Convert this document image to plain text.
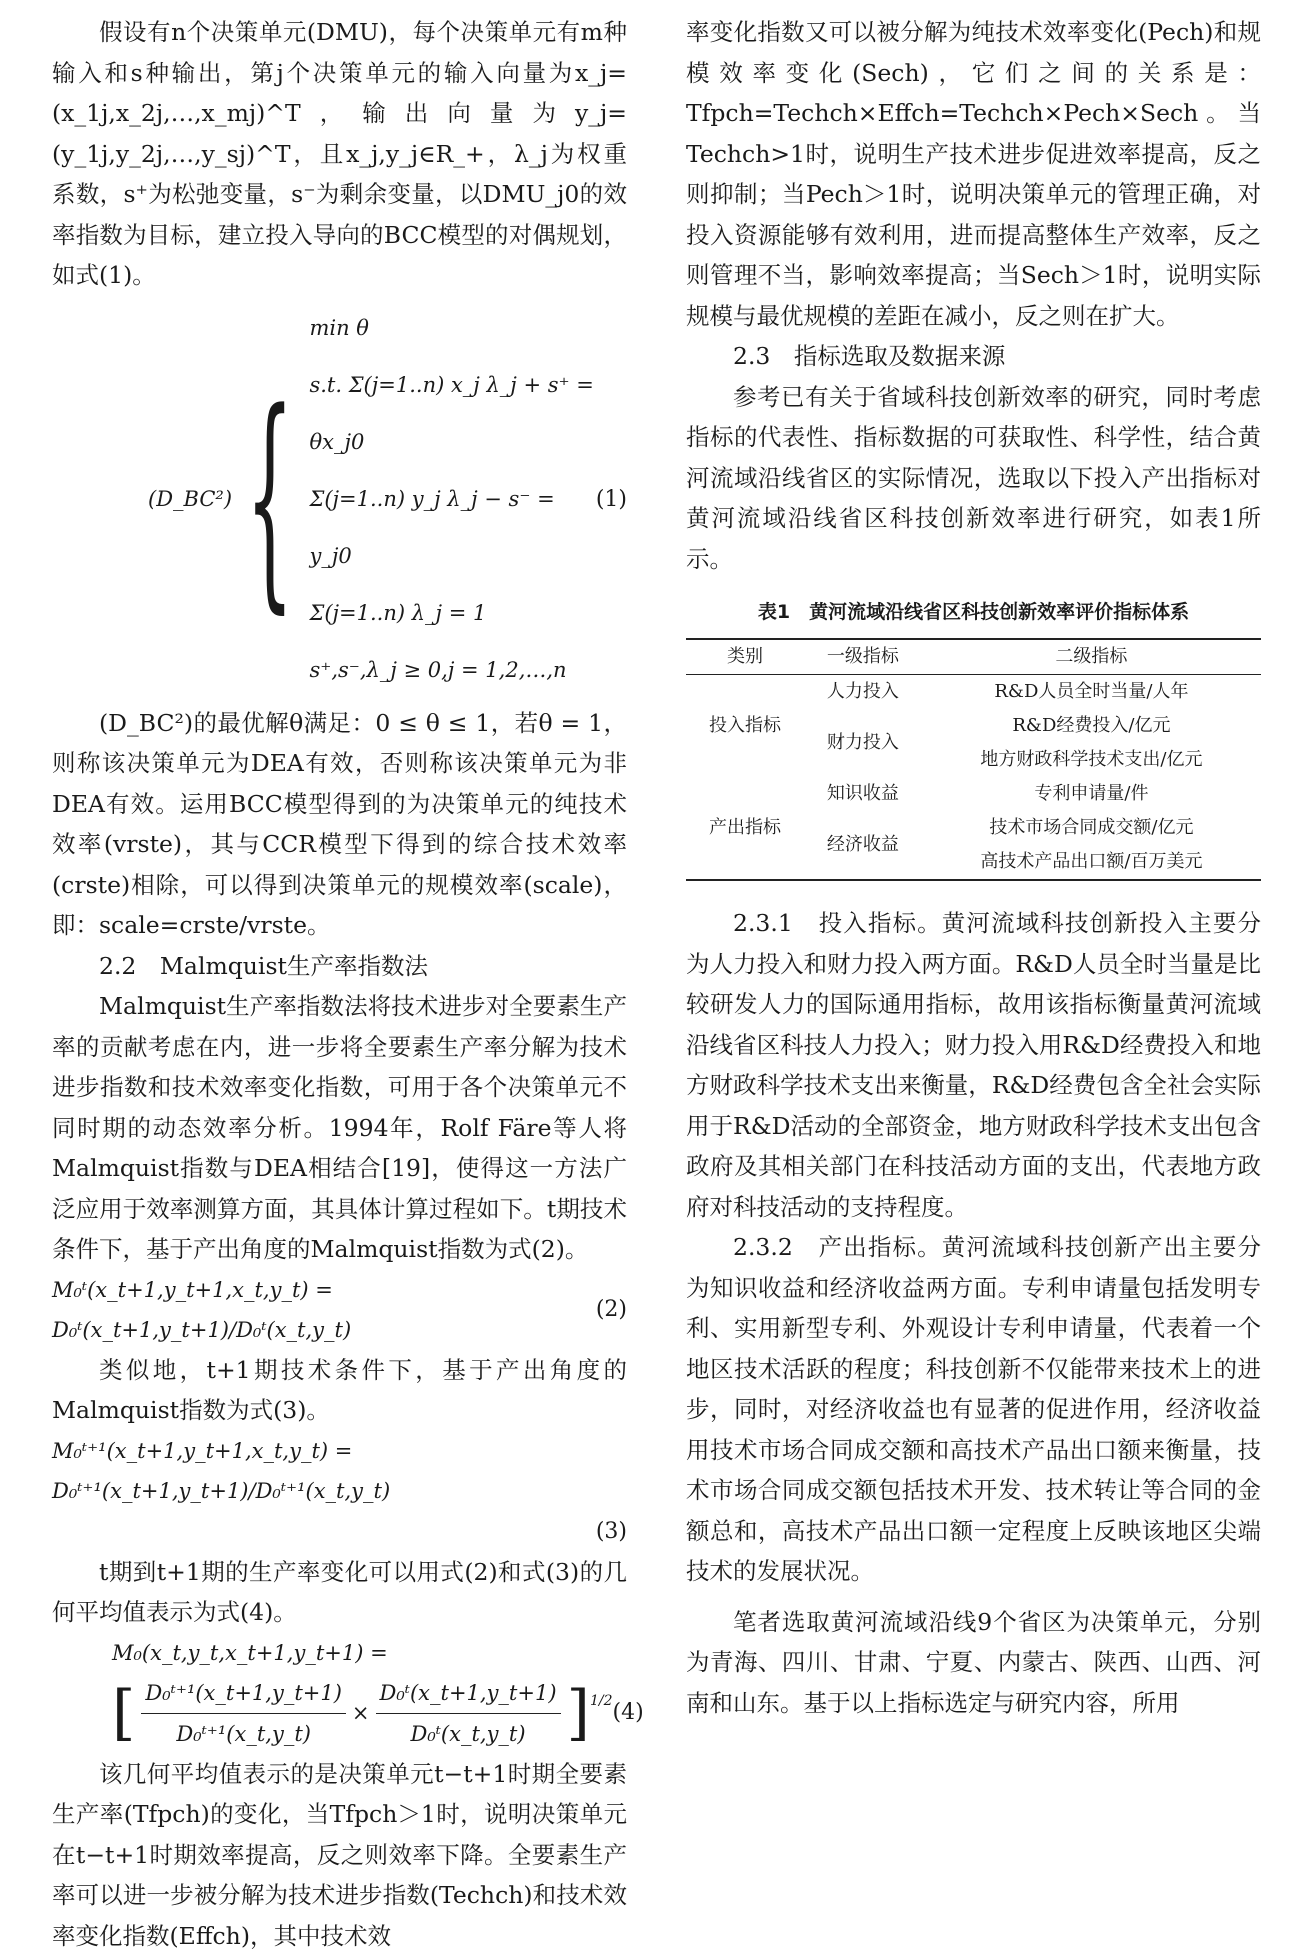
假设有n个决策单元(DMU)，每个决策单元有m种输入和s种输出，第j个决策单元的输入向量为x_j=(x_1j,x_2j,…,x_mj)^T，输出向量为y_j=(y_1j,y_2j,…,y_sj)^T，且x_j,y_j∈R_+，λ_j为权重系数，s⁺为松弛变量，s⁻为剩余变量，以DMU_j0的效率指数为目标，建立投入导向的BCC模型的对偶规划，如式(1)。

(D_BC²) {
min θ
s.t. Σ(j=1..n) x_j λ_j + s⁺ = θx_j0
Σ(j=1..n) y_j λ_j − s⁻ = y_j0
Σ(j=1..n) λ_j = 1
s⁺,s⁻,λ_j ≥ 0,j = 1,2,…,n
(1)

(D_BC²)的最优解θ满足：0 ≤ θ ≤ 1，若θ = 1，则称该决策单元为DEA有效，否则称该决策单元为非DEA有效。运用BCC模型得到的为决策单元的纯技术效率(vrste)，其与CCR模型下得到的综合技术效率(crste)相除，可以得到决策单元的规模效率(scale)，即：scale=crste/vrste。

2.2　Malmquist生产率指数法

Malmquist生产率指数法将技术进步对全要素生产率的贡献考虑在内，进一步将全要素生产率分解为技术进步指数和技术效率变化指数，可用于各个决策单元不同时期的动态效率分析。1994年，Rolf Färe等人将Malmquist指数与DEA相结合[19]，使得这一方法广泛应用于效率测算方面，其具体计算过程如下。t期技术条件下，基于产出角度的Malmquist指数为式(2)。

M₀ᵗ(x_t+1,y_t+1,x_t,y_t) = D₀ᵗ(x_t+1,y_t+1)/D₀ᵗ(x_t,y_t)
(2)

类似地，t+1期技术条件下，基于产出角度的Malmquist指数为式(3)。

M₀ᵗ⁺¹(x_t+1,y_t+1,x_t,y_t) = D₀ᵗ⁺¹(x_t+1,y_t+1)/D₀ᵗ⁺¹(x_t,y_t)
(3)

t期到t+1期的生产率变化可以用式(2)和式(3)的几何平均值表示为式(4)。

M₀(x_t,y_t,x_t+1,y_t+1) =
[ $\frac{\text{D₀ᵗ⁺¹(x\_t+1,y\_t+1)}}{\text{D₀ᵗ⁺¹(x\_t,y\_t)}} \times \frac{\text{D₀ᵗ(x\_t+1,y\_t+1)}}{\text{D₀ᵗ(x\_t,y\_t)}} ]^{1/2}$ (4)

该几何平均值表示的是决策单元t−t+1时期全要素生产率(Tfpch)的变化，当Tfpch＞1时，说明决策单元在t−t+1时期效率提高，反之则效率下降。全要素生产率可以进一步被分解为技术进步指数(Techch)和技术效率变化指数(Effch)，其中技术效

率变化指数又可以被分解为纯技术效率变化(Pech)和规模效率变化(Sech)，它们之间的关系是：Tfpch=Techch×Effch=Techch×Pech×Sech。当Techch>1时，说明生产技术进步促进效率提高，反之则抑制；当Pech＞1时，说明决策单元的管理正确，对投入资源能够有效利用，进而提高整体生产效率，反之则管理不当，影响效率提高；当Sech＞1时，说明实际规模与最优规模的差距在减小，反之则在扩大。

2.3　指标选取及数据来源

参考已有关于省域科技创新效率的研究，同时考虑指标的代表性、指标数据的可获取性、科学性，结合黄河流域沿线省区的实际情况，选取以下投入产出指标对黄河流域沿线省区科技创新效率进行研究，如表1所示。

表1　黄河流域沿线省区科技创新效率评价指标体系
类别	一级指标	二级指标
投入指标	人力投入	R&D人员全时当量/人年
	财力投入	R&D经费投入/亿元
		地方财政科学技术支出/亿元
产出指标	知识收益	专利申请量/件
	经济收益	技术市场合同成交额/亿元
		高技术产品出口额/百万美元

2.3.1　投入指标。黄河流域科技创新投入主要分为人力投入和财力投入两方面。R&D人员全时当量是比较研发人力的国际通用指标，故用该指标衡量黄河流域沿线省区科技人力投入；财力投入用R&D经费投入和地方财政科学技术支出来衡量，R&D经费包含全社会实际用于R&D活动的全部资金，地方财政科学技术支出包含政府及其相关部门在科技活动方面的支出，代表地方政府对科技活动的支持程度。

2.3.2　产出指标。黄河流域科技创新产出主要分为知识收益和经济收益两方面。专利申请量包括发明专利、实用新型专利、外观设计专利申请量，代表着一个地区技术活跃的程度；科技创新不仅能带来技术上的进步，同时，对经济收益也有显著的促进作用，经济收益用技术市场合同成交额和高技术产品出口额来衡量，技术市场合同成交额包括技术开发、技术转让等合同的金额总和，高技术产品出口额一定程度上反映该地区尖端技术的发展状况。

笔者选取黄河流域沿线9个省区为决策单元，分别为青海、四川、甘肃、宁夏、内蒙古、陕西、山西、河南和山东。基于以上指标选定与研究内容，所用
